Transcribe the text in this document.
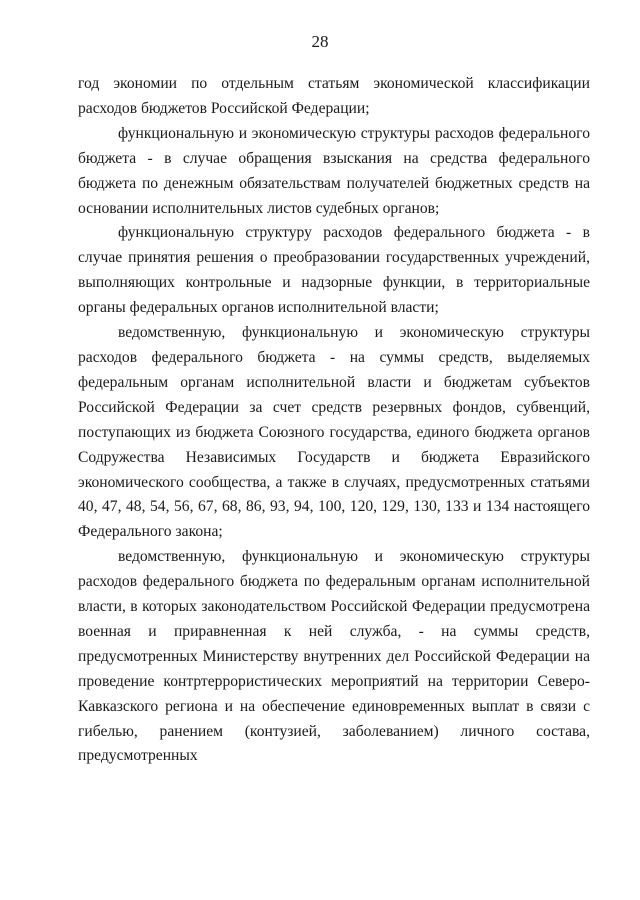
28

год экономии по отдельным статьям экономической классификации расходов бюджетов Российской Федерации;

функциональную и экономическую структуры расходов федерального бюджета - в случае обращения взыскания на средства федерального бюджета по денежным обязательствам получателей бюджетных средств на основании исполнительных листов судебных органов;

функциональную структуру расходов федерального бюджета - в случае принятия решения о преобразовании государственных учреждений, выполняющих контрольные и надзорные функции, в территориальные органы федеральных органов исполнительной власти;

ведомственную, функциональную и экономическую структуры расходов федерального бюджета - на суммы средств, выделяемых федеральным органам исполнительной власти и бюджетам субъектов Российской Федерации за счет средств резервных фондов, субвенций, поступающих из бюджета Союзного государства, единого бюджета органов Содружества Независимых Государств и бюджета Евразийского экономического сообщества, а также в случаях, предусмотренных статьями 40, 47, 48, 54, 56, 67, 68, 86, 93, 94, 100, 120, 129, 130, 133 и 134 настоящего Федерального закона;

ведомственную, функциональную и экономическую структуры расходов федерального бюджета по федеральным органам исполнительной власти, в которых законодательством Российской Федерации предусмотрена военная и приравненная к ней служба, - на суммы средств, предусмотренных Министерству внутренних дел Российской Федерации на проведение контртеррористических мероприятий на территории Северо-Кавказского региона и на обеспечение единовременных выплат в связи с гибелью, ранением (контузией, заболеванием) личного состава, предусмотренных
